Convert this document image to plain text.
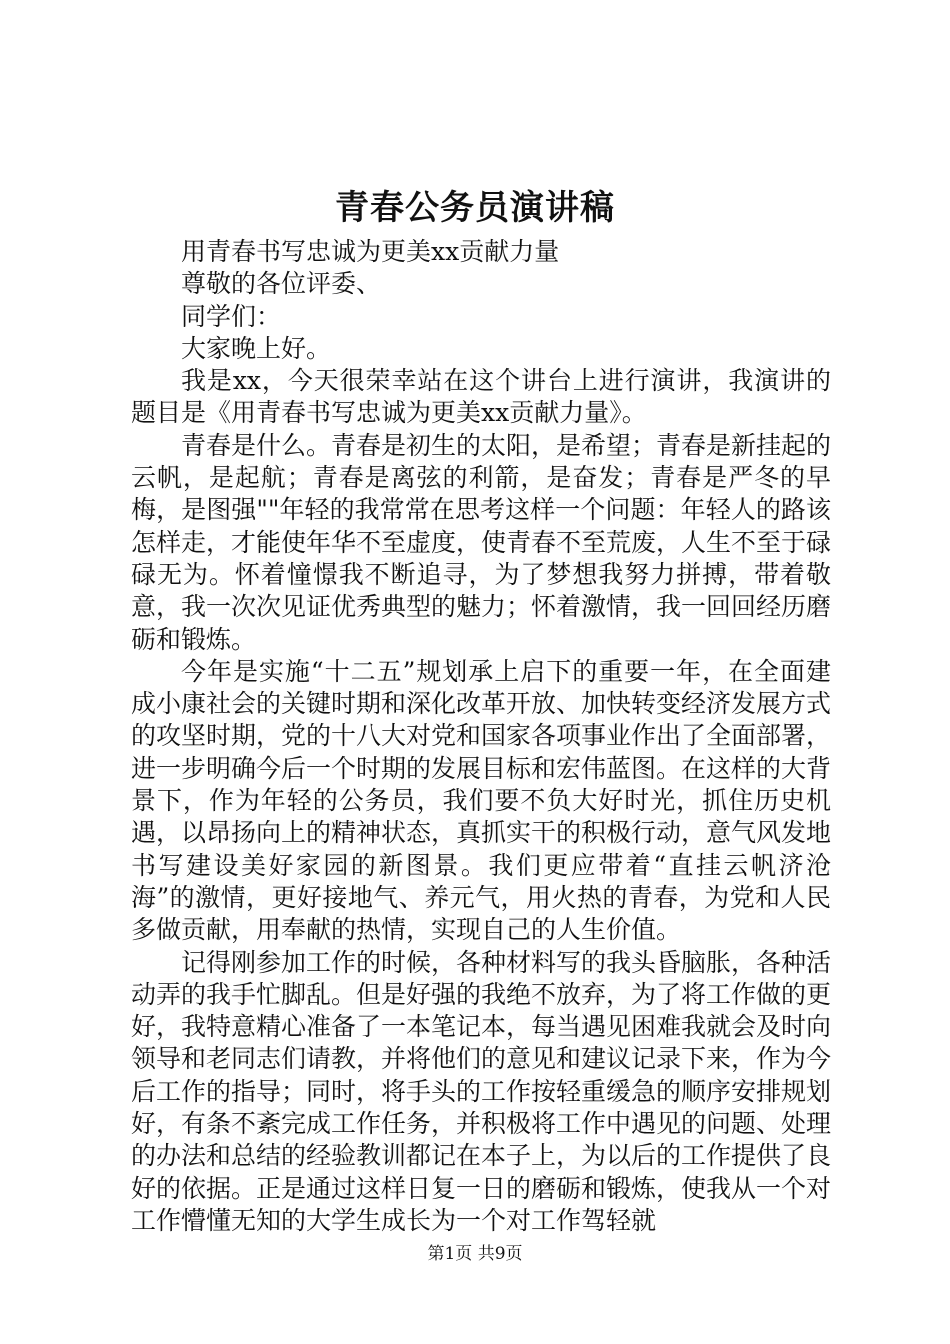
青春公务员演讲稿

用青春书写忠诚为更美xx贡献力量

尊敬的各位评委、

同学们：

大家晚上好。

我是xx，今天很荣幸站在这个讲台上进行演讲，我演讲的题目是《用青春书写忠诚为更美xx贡献力量》。

青春是什么。青春是初生的太阳，是希望；青春是新挂起的云帆，是起航；青春是离弦的利箭，是奋发；青春是严冬的早梅，是图强""年轻的我常常在思考这样一个问题：年轻人的路该怎样走，才能使年华不至虚度，使青春不至荒废，人生不至于碌碌无为。怀着憧憬我不断追寻，为了梦想我努力拼搏，带着敬意，我一次次见证优秀典型的魅力；怀着激情，我一回回经历磨砺和锻炼。

今年是实施“十二五”规划承上启下的重要一年，在全面建成小康社会的关键时期和深化改革开放、加快转变经济发展方式的攻坚时期，党的十八大对党和国家各项事业作出了全面部署，进一步明确今后一个时期的发展目标和宏伟蓝图。在这样的大背景下，作为年轻的公务员，我们要不负大好时光，抓住历史机遇，以昂扬向上的精神状态，真抓实干的积极行动，意气风发地书写建设美好家园的新图景。我们更应带着“直挂云帆济沧海”的激情，更好接地气、养元气，用火热的青春，为党和人民多做贡献，用奉献的热情，实现自己的人生价值。

记得刚参加工作的时候，各种材料写的我头昏脑胀，各种活动弄的我手忙脚乱。但是好强的我绝不放弃，为了将工作做的更好，我特意精心准备了一本笔记本，每当遇见困难我就会及时向领导和老同志们请教，并将他们的意见和建议记录下来，作为今后工作的指导；同时，将手头的工作按轻重缓急的顺序安排规划好，有条不紊完成工作任务，并积极将工作中遇见的问题、处理的办法和总结的经验教训都记在本子上，为以后的工作提供了良好的依据。正是通过这样日复一日的磨砺和锻炼，使我从一个对工作懵懂无知的大学生成长为一个对工作驾轻就

第1页 共9页
